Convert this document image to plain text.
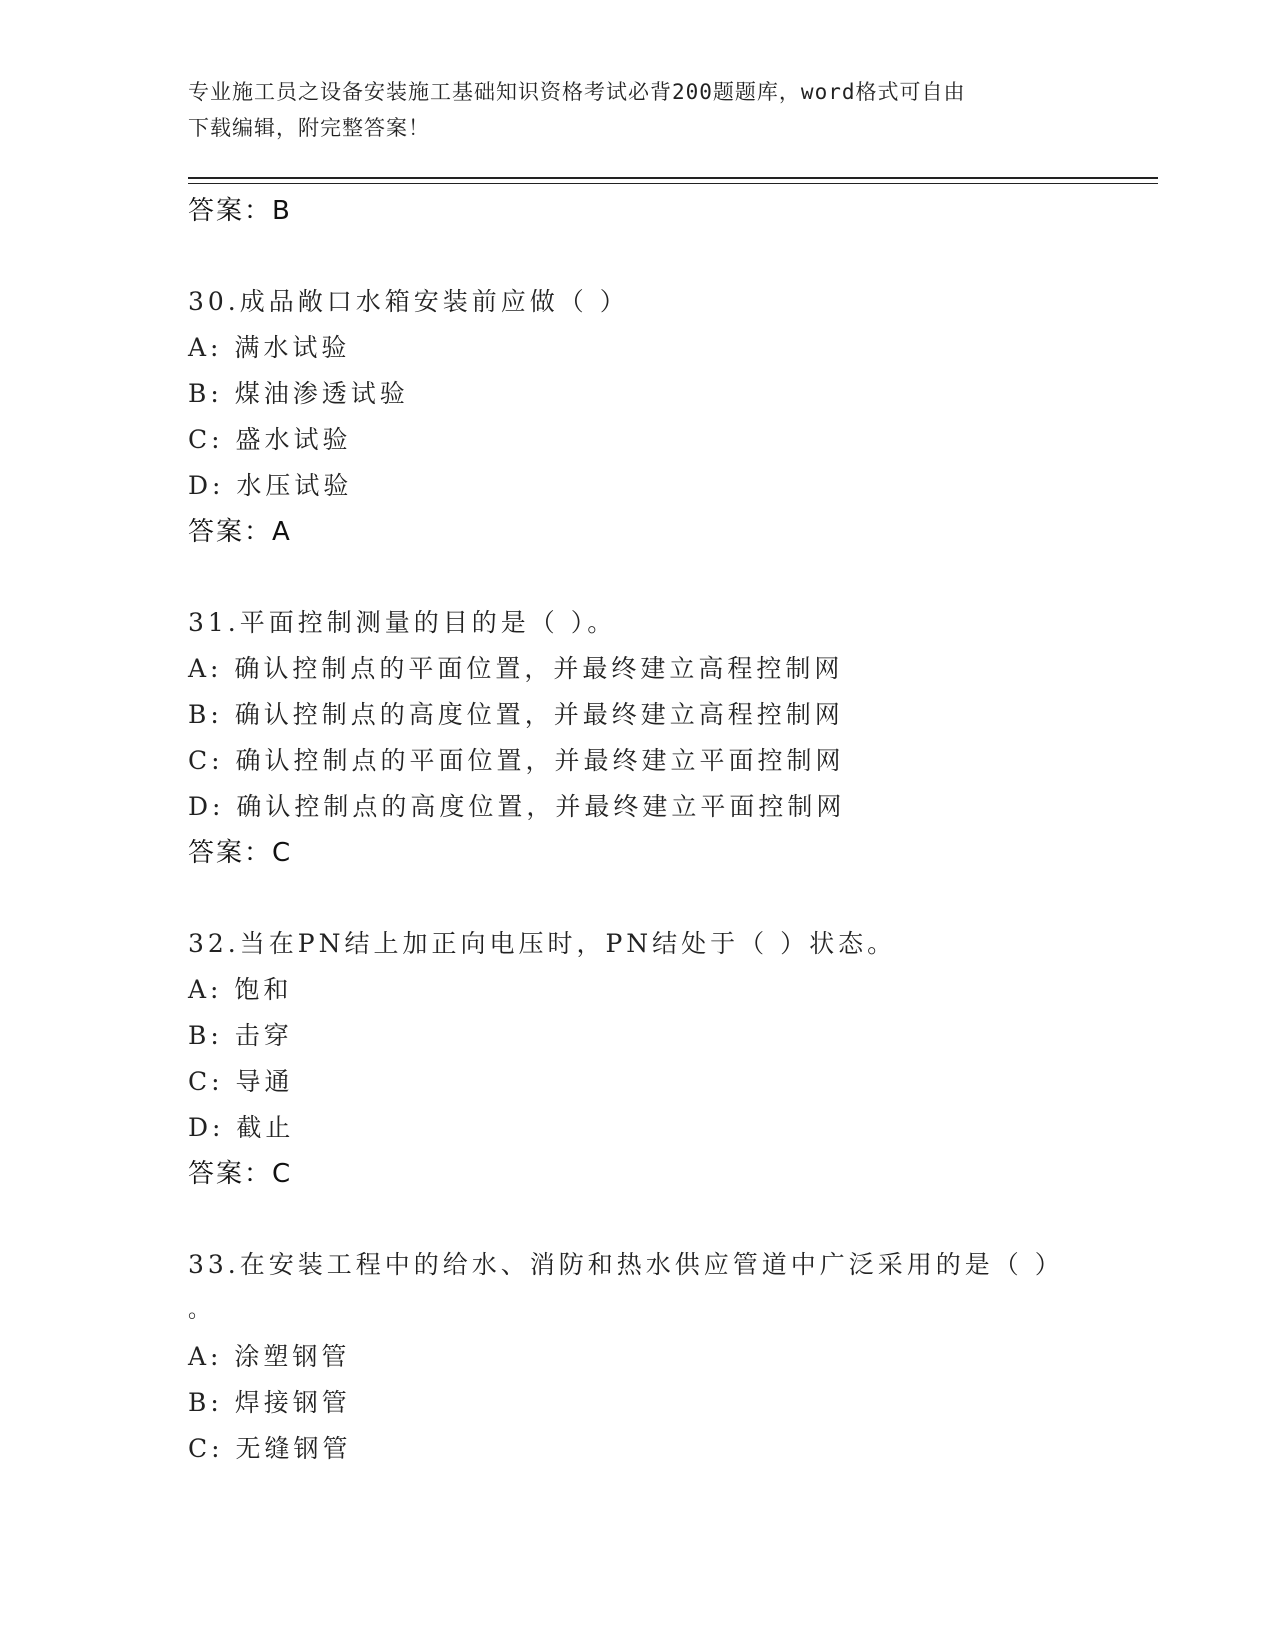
专业施工员之设备安装施工基础知识资格考试必背200题题库，word格式可自由
下载编辑，附完整答案！
答案：B
30.成品敞口水箱安装前应做（ ）
A: 满水试验
B: 煤油渗透试验
C: 盛水试验
D: 水压试验
答案：A
31.平面控制测量的目的是（ ）。
A: 确认控制点的平面位置，并最终建立高程控制网
B: 确认控制点的高度位置，并最终建立高程控制网
C: 确认控制点的平面位置，并最终建立平面控制网
D: 确认控制点的高度位置，并最终建立平面控制网
答案：C
32.当在PN结上加正向电压时，PN结处于（ ）状态。
A: 饱和
B: 击穿
C: 导通
D: 截止
答案：C
33.在安装工程中的给水、消防和热水供应管道中广泛采用的是（ ）
。
A: 涂塑钢管
B: 焊接钢管
C: 无缝钢管
